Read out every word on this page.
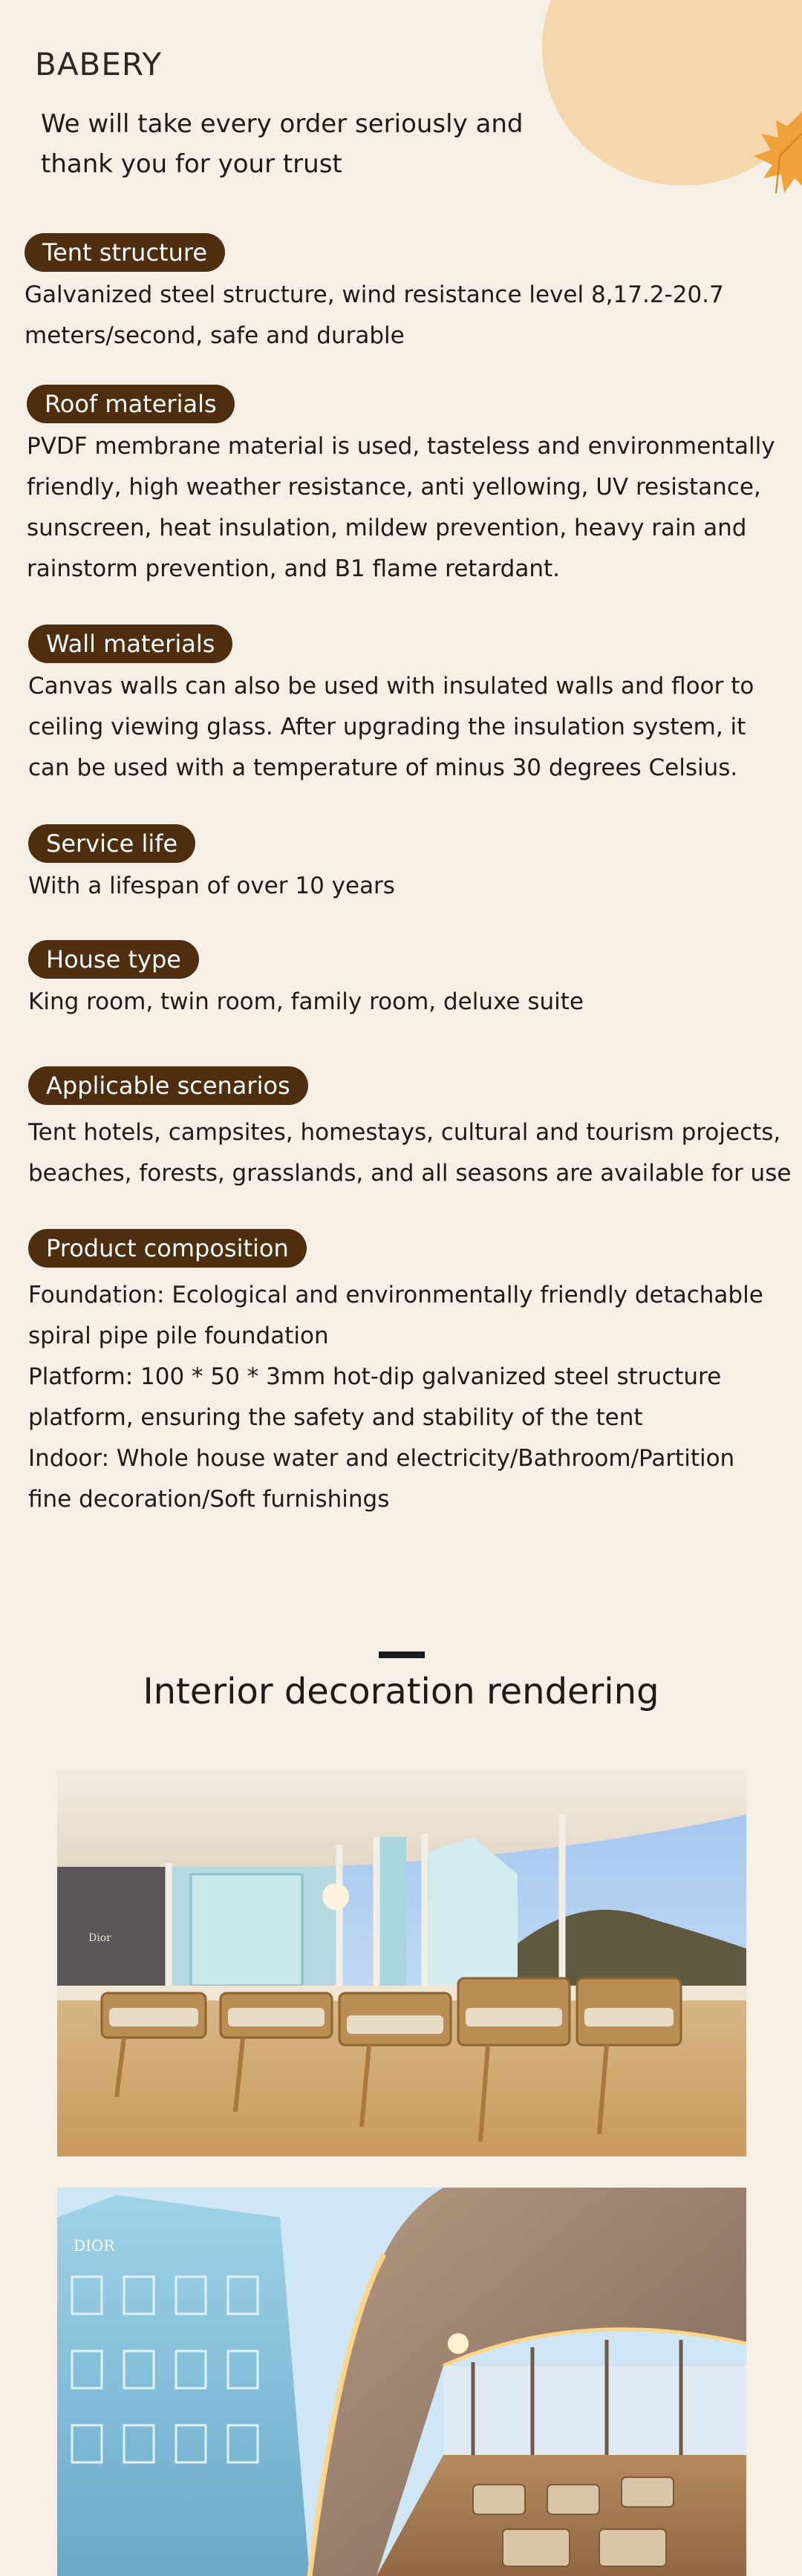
BABERY
We will take every order seriously and thank you for your trust
Tent structure
Galvanized steel structure, wind resistance level 8,17.2-20.7
meters/second, safe and durable
Roof materials
PVDF membrane material is used, tasteless and environmentally
friendly, high weather resistance, anti yellowing, UV resistance,
sunscreen, heat insulation, mildew prevention, heavy rain and
rainstorm prevention, and B1 flame retardant.
Wall materials
Canvas walls can also be used with insulated walls and floor to
ceiling viewing glass. After upgrading the insulation system, it
can be used with a temperature of minus 30 degrees Celsius.
Service life
With a lifespan of over 10 years
House type
King room, twin room, family room, deluxe suite
Applicable scenarios
Tent hotels, campsites, homestays, cultural and tourism projects,
beaches, forests, grasslands, and all seasons are available for use
Product composition
Foundation: Ecological and environmentally friendly detachable
spiral pipe pile foundation
Platform: 100 * 50 * 3mm hot-dip galvanized steel structure
platform, ensuring the safety and stability of the tent
Indoor: Whole house water and electricity/Bathroom/Partition
fine decoration/Soft furnishings
Interior decoration rendering
Dior
DIOR
